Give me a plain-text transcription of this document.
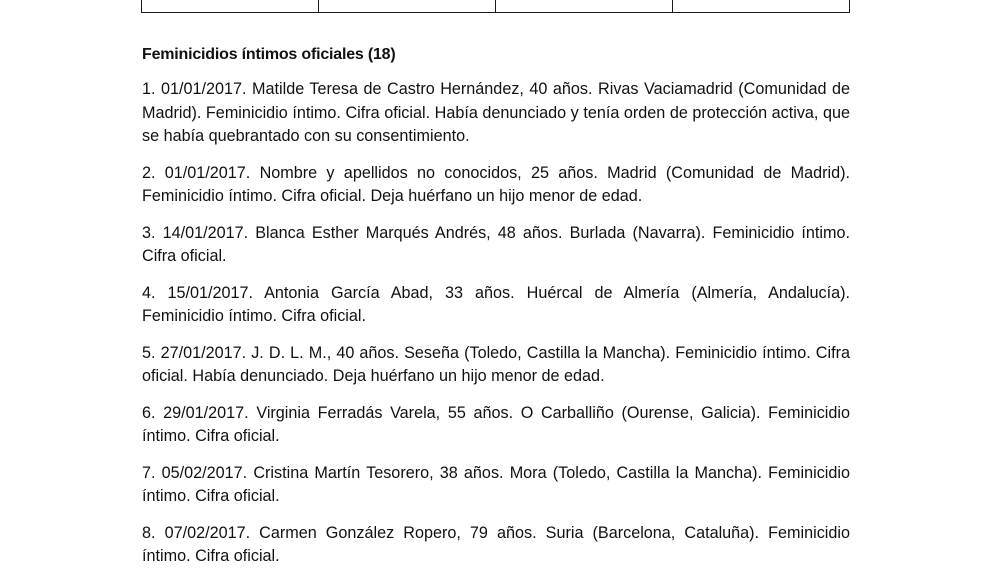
Feminicidios íntimos oficiales (18)

1. 01/01/2017. Matilde Teresa de Castro Hernández, 40 años. Rivas Vaciamadrid (Comunidad de Madrid). Feminicidio íntimo. Cifra oficial. Había denunciado y tenía orden de protección activa, que se había quebrantado con su consentimiento.

2. 01/01/2017. Nombre y apellidos no conocidos, 25 años. Madrid (Comunidad de Madrid). Feminicidio íntimo. Cifra oficial. Deja huérfano un hijo menor de edad.

3. 14/01/2017. Blanca Esther Marqués Andrés, 48 años. Burlada (Navarra). Feminicidio íntimo. Cifra oficial.

4. 15/01/2017. Antonia García Abad, 33 años. Huércal de Almería (Almería, Andalucía). Feminicidio íntimo. Cifra oficial.

5. 27/01/2017. J. D. L. M., 40 años. Seseña (Toledo, Castilla la Mancha). Feminicidio íntimo. Cifra oficial. Había denunciado. Deja huérfano un hijo menor de edad.

6. 29/01/2017. Virginia Ferradás Varela, 55 años. O Carballiño (Ourense, Galicia). Feminicidio íntimo. Cifra oficial.

7. 05/02/2017. Cristina Martín Tesorero, 38 años. Mora (Toledo, Castilla la Mancha). Feminicidio íntimo. Cifra oficial.

8. 07/02/2017. Carmen González Ropero, 79 años. Suria (Barcelona, Cataluña). Feminicidio íntimo. Cifra oficial.
